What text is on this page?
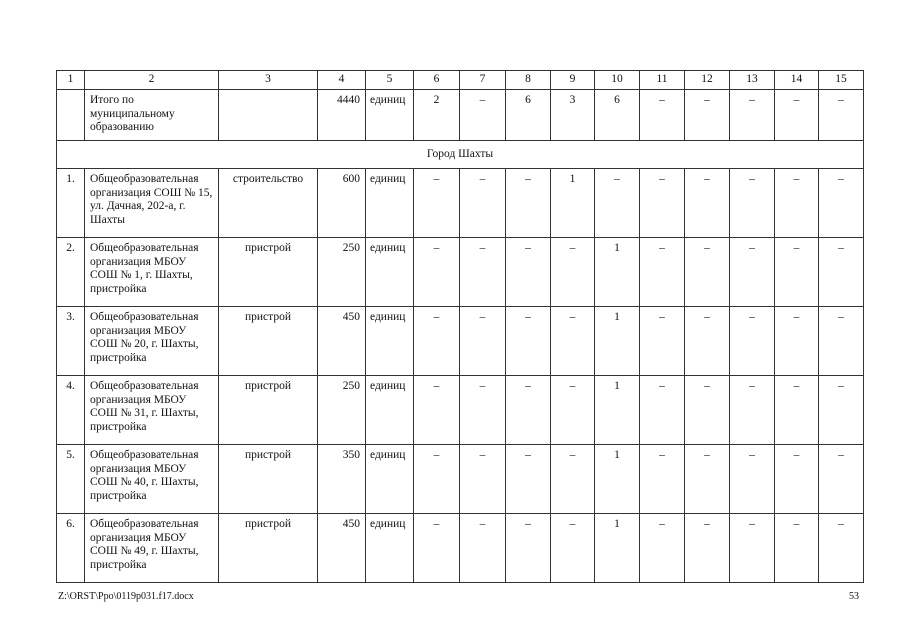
1	2	3	4	5	6	7	8	9	10	11	12	13	14	15
	Итого по муниципальному образованию		4440	единиц	2	–	6	3	6	–	–	–	–	–
Город Шахты														
1.	Общеобразовательная организация СОШ № 15, ул. Дачная, 202-а, г. Шахты	строительство	600	единиц	–	–	–	1	–	–	–	–	–	–
2.	Общеобразовательная организация МБОУ СОШ № 1, г. Шахты, пристройка	пристрой	250	единиц	–	–	–	–	1	–	–	–	–	–
3.	Общеобразовательная организация МБОУ СОШ № 20, г. Шахты, пристройка	пристрой	450	единиц	–	–	–	–	1	–	–	–	–	–
4.	Общеобразовательная организация МБОУ СОШ № 31, г. Шахты, пристройка	пристрой	250	единиц	–	–	–	–	1	–	–	–	–	–
5.	Общеобразовательная организация МБОУ СОШ № 40, г. Шахты, пристройка	пристрой	350	единиц	–	–	–	–	1	–	–	–	–	–
6.	Общеобразовательная организация МБОУ СОШ № 49, г. Шахты, пристройка	пристрой	450	единиц	–	–	–	–	1	–	–	–	–	–
Z:\ORST\Ppo\0119p031.f17.docx	53
